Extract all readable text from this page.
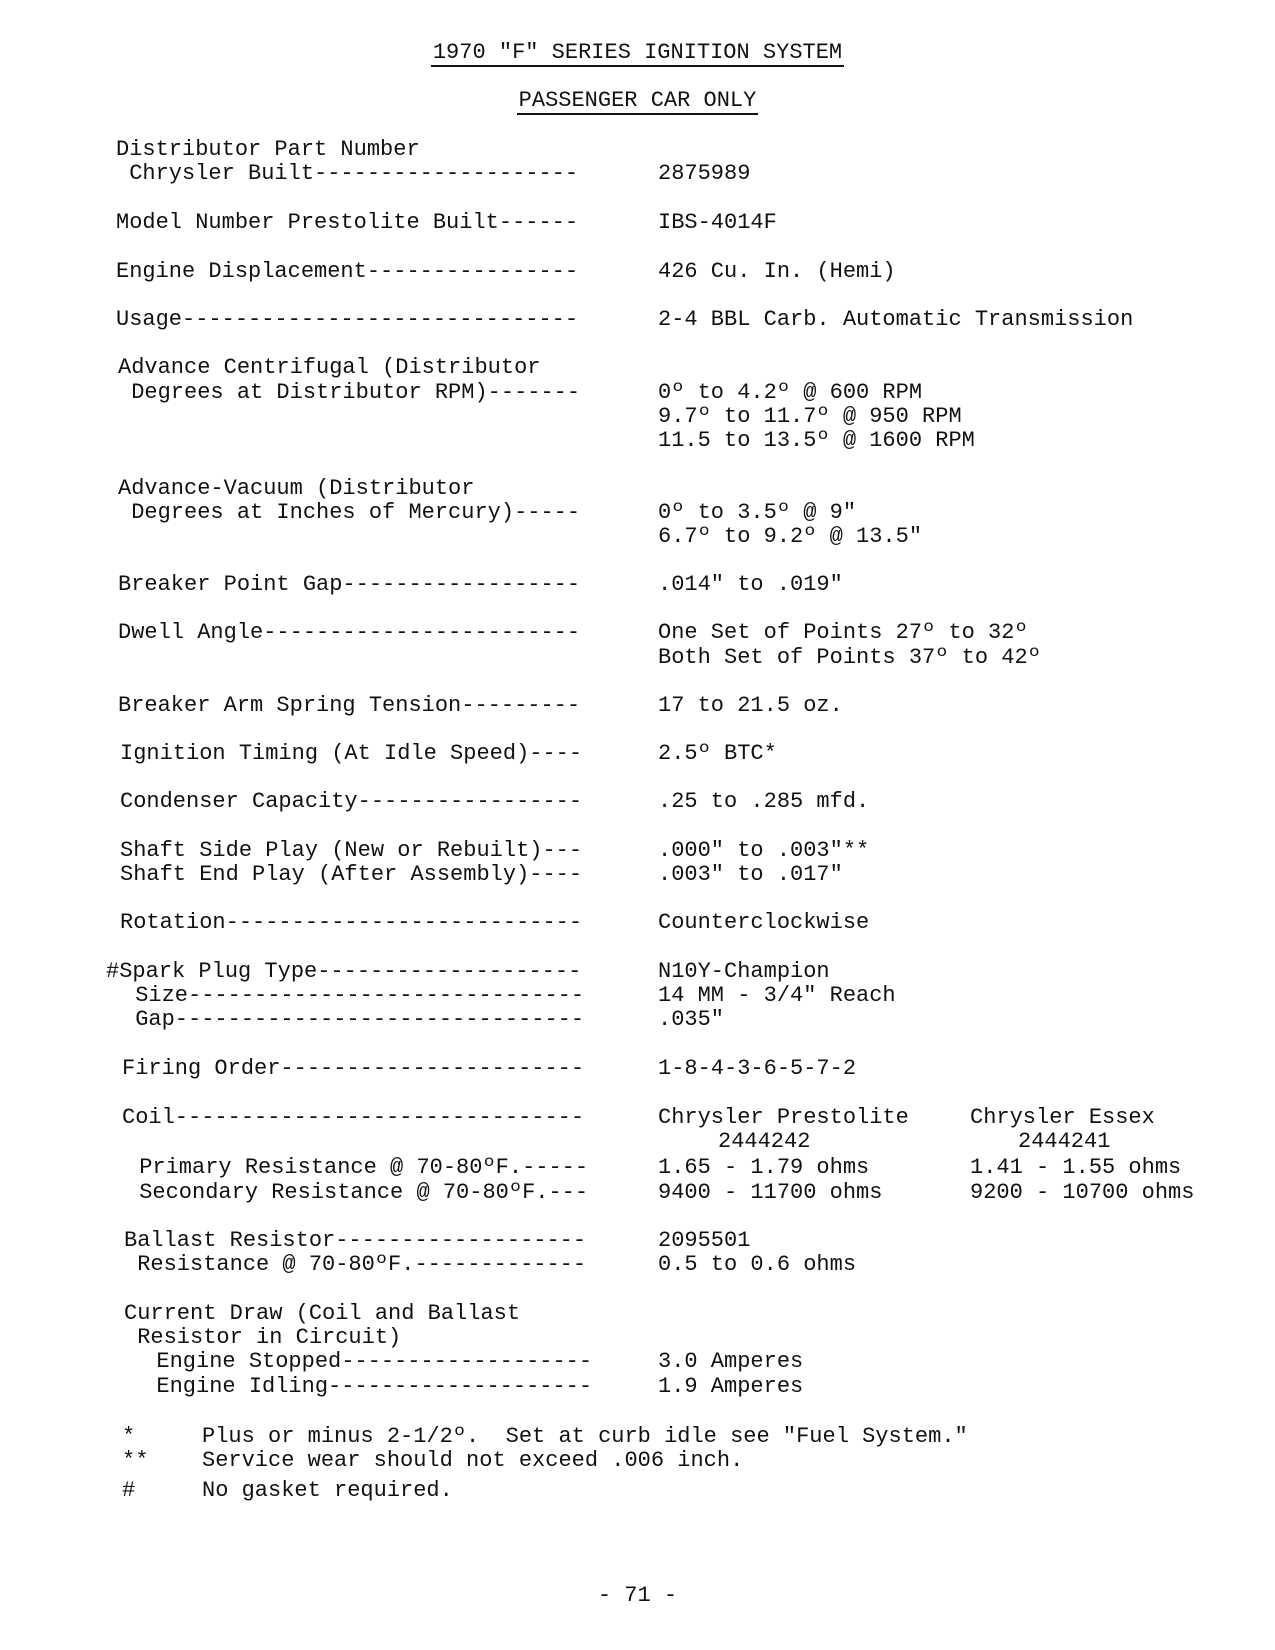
1970 "F" SERIES IGNITION SYSTEM
PASSENGER CAR ONLY
Distributor Part Number
Chrysler Built--------------------	2875989
Model Number Prestolite Built------	IBS-4014F
Engine Displacement----------------	426 Cu. In. (Hemi)
Usage------------------------------	2-4 BBL Carb. Automatic Transmission
Advance Centrifugal (Distributor
Degrees at Distributor RPM)-------	0º to 4.2º @ 600 RPM
9.7º to 11.7º @ 950 RPM
11.5 to 13.5º @ 1600 RPM
Advance-Vacuum (Distributor
Degrees at Inches of Mercury)-----	0º to 3.5º @ 9"
6.7º to 9.2º @ 13.5"
Breaker Point Gap------------------	.014" to .019"
Dwell Angle------------------------	One Set of Points 27º to 32º
Both Set of Points 37º to 42º
Breaker Arm Spring Tension---------	17 to 21.5 oz.
Ignition Timing (At Idle Speed)----	2.5º BTC*
Condenser Capacity-----------------	.25 to .285 mfd.
Shaft Side Play (New or Rebuilt)---	.000" to .003"**
Shaft End Play (After Assembly)----	.003" to .017"
Rotation---------------------------	Counterclockwise
#Spark Plug Type--------------------	N10Y-Champion
Size------------------------------	14 MM - 3/4" Reach
Gap-------------------------------	.035"
Firing Order-----------------------	1-8-4-3-6-5-7-2
Coil-------------------------------	Chrysler Prestolite	Chrysler Essex
2444242	2444241
Primary Resistance @ 70-80ºF.-----	1.65 - 1.79 ohms	1.41 - 1.55 ohms
Secondary Resistance @ 70-80ºF.---	9400 - 11700 ohms	9200 - 10700 ohms
Ballast Resistor-------------------	2095501
Resistance @ 70-80ºF.-------------	0.5 to 0.6 ohms
Current Draw (Coil and Ballast
Resistor in Circuit)
Engine Stopped-------------------	3.0 Amperes
Engine Idling--------------------	1.9 Amperes
*	Plus or minus 2-1/2º.  Set at curb idle see "Fuel System."
** Service wear should not exceed .006 inch.
#	No gasket required.
- 71 -
